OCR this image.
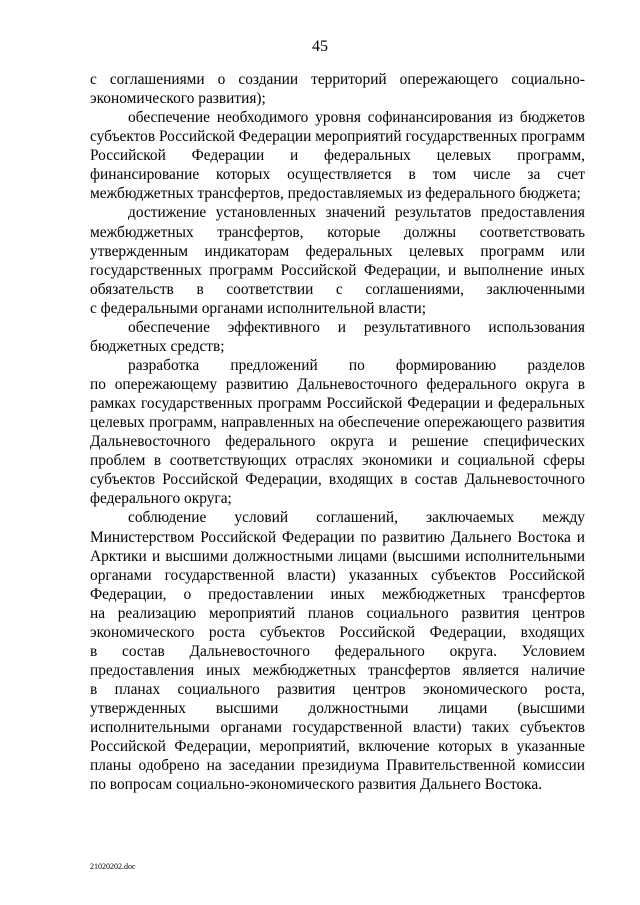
45
с соглашениями о создании территорий опережающего социально-
экономического развития);
обеспечение необходимого уровня софинансирования из бюджетов
субъектов Российской Федерации мероприятий государственных программ
Российской Федерации и федеральных целевых программ,
финансирование которых осуществляется в том числе за счет
межбюджетных трансфертов, предоставляемых из федерального бюджета;
достижение установленных значений результатов предоставления
межбюджетных трансфертов, которые должны соответствовать
утвержденным индикаторам федеральных целевых программ или
государственных программ Российской Федерации, и выполнение иных
обязательств в соответствии с соглашениями, заключенными
с федеральными органами исполнительной власти;
обеспечение эффективного и результативного использования
бюджетных средств;
разработка предложений по формированию разделов
по опережающему развитию Дальневосточного федерального округа в
рамках государственных программ Российской Федерации и федеральных
целевых программ, направленных на обеспечение опережающего развития
Дальневосточного федерального округа и решение специфических
проблем в соответствующих отраслях экономики и социальной сферы
субъектов Российской Федерации, входящих в состав Дальневосточного
федерального округа;
соблюдение условий соглашений, заключаемых между
Министерством Российской Федерации по развитию Дальнего Востока и
Арктики и высшими должностными лицами (высшими исполнительными
органами государственной власти) указанных субъектов Российской
Федерации, о предоставлении иных межбюджетных трансфертов
на реализацию мероприятий планов социального развития центров
экономического роста субъектов Российской Федерации, входящих
в состав Дальневосточного федерального округа. Условием
предоставления иных межбюджетных трансфертов является наличие
в планах социального развития центров экономического роста,
утвержденных высшими должностными лицами (высшими
исполнительными органами государственной власти) таких субъектов
Российской Федерации, мероприятий, включение которых в указанные
планы одобрено на заседании президиума Правительственной комиссии
по вопросам социально-экономического развития Дальнего Востока.
21020202.doc
